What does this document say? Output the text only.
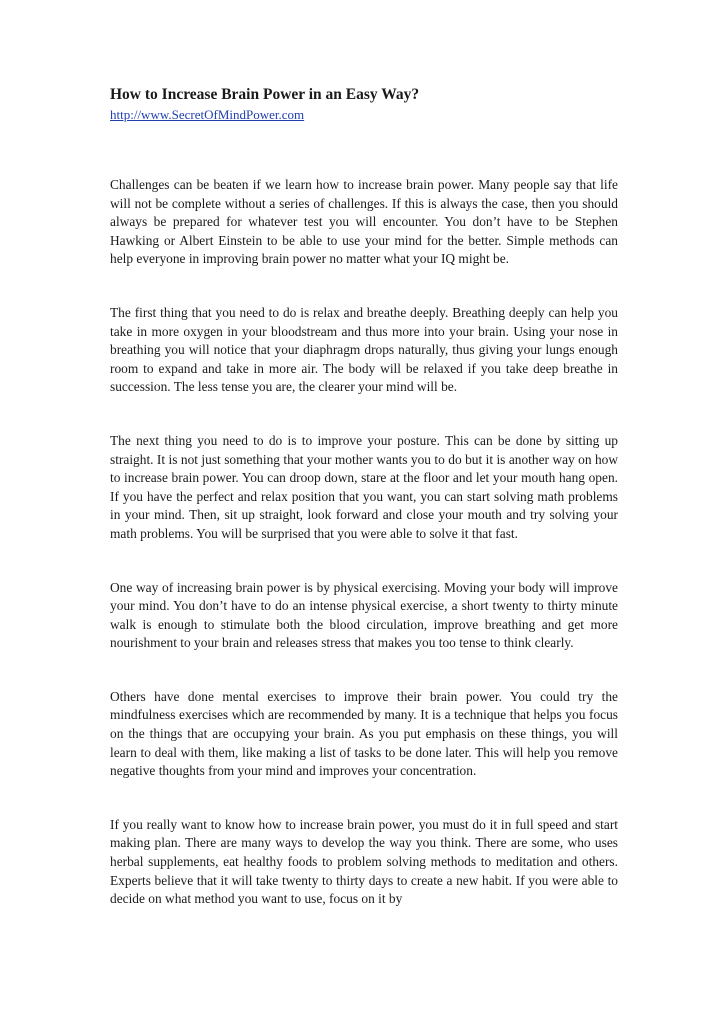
How to Increase Brain Power in an Easy Way?
http://www.SecretOfMindPower.com

Challenges can be beaten if we learn how to increase brain power. Many people say that life will not be complete without a series of challenges. If this is always the case, then you should always be prepared for whatever test you will encounter. You don’t have to be Stephen Hawking or Albert Einstein to be able to use your mind for the better. Simple methods can help everyone in improving brain power no matter what your IQ might be.

The first thing that you need to do is relax and breathe deeply. Breathing deeply can help you take in more oxygen in your bloodstream and thus more into your brain. Using your nose in breathing you will notice that your diaphragm drops naturally, thus giving your lungs enough room to expand and take in more air. The body will be relaxed if you take deep breathe in succession. The less tense you are, the clearer your mind will be.

The next thing you need to do is to improve your posture. This can be done by sitting up straight. It is not just something that your mother wants you to do but it is another way on how to increase brain power. You can droop down, stare at the floor and let your mouth hang open. If you have the perfect and relax position that you want, you can start solving math problems in your mind. Then, sit up straight, look forward and close your mouth and try solving your math problems. You will be surprised that you were able to solve it that fast.

One way of increasing brain power is by physical exercising. Moving your body will improve your mind. You don’t have to do an intense physical exercise, a short twenty to thirty minute walk is enough to stimulate both the blood circulation, improve breathing and get more nourishment to your brain and releases stress that makes you too tense to think clearly.

Others have done mental exercises to improve their brain power. You could try the mindfulness exercises which are recommended by many. It is a technique that helps you focus on the things that are occupying your brain. As you put emphasis on these things, you will learn to deal with them, like making a list of tasks to be done later. This will help you remove negative thoughts from your mind and improves your concentration.

If you really want to know how to increase brain power, you must do it in full speed and start making plan. There are many ways to develop the way you think. There are some, who uses herbal supplements, eat healthy foods to problem solving methods to meditation and others. Experts believe that it will take twenty to thirty days to create a new habit. If you were able to decide on what method you want to use, focus on it by
